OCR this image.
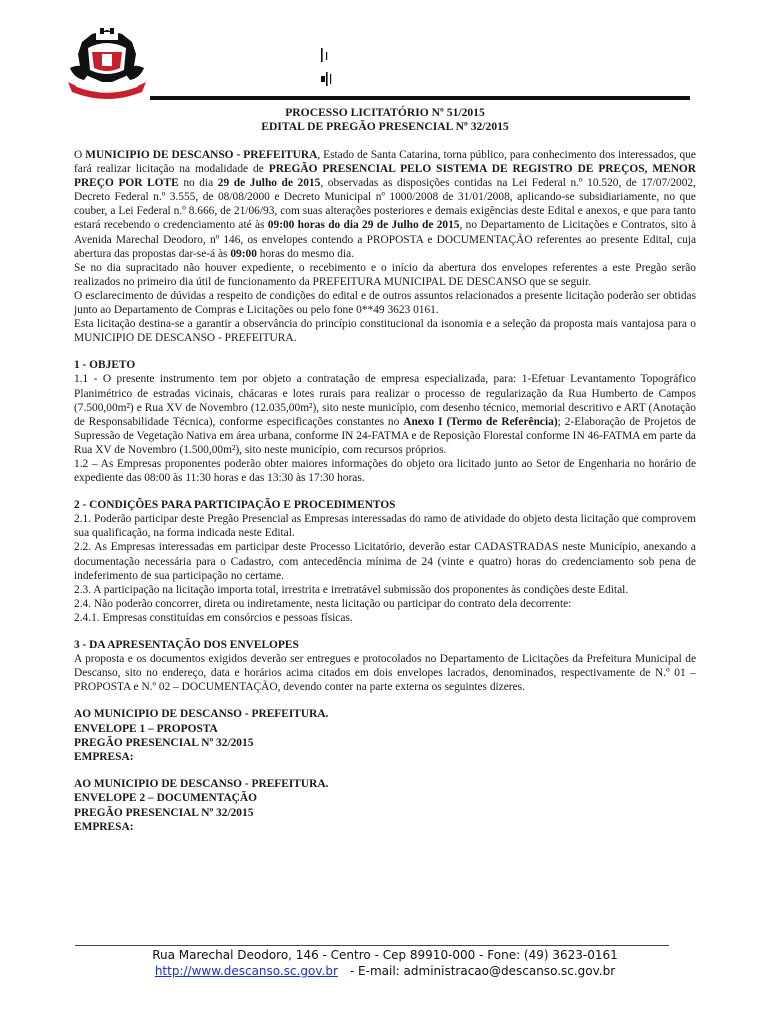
PROCESSO LICITATÓRIO Nº 51/2015

EDITAL DE PREGÃO PRESENCIAL Nº 32/2015

O MUNICIPIO DE DESCANSO - PREFEITURA, Estado de Santa Catarina, torna público, para conhecimento dos interessados, que fará realizar licitação na modalidade de PREGÃO PRESENCIAL PELO SISTEMA DE REGISTRO DE PREÇOS, MENOR PREÇO POR LOTE no dia 29 de Julho de 2015, observadas as disposições contidas na Lei Federal n.º 10.520, de 17/07/2002, Decreto Federal n.º 3.555, de 08/08/2000 e Decreto Municipal nº 1000/2008 de 31/01/2008, aplicando-se subsidiariamente, no que couber, a Lei Federal n.º 8.666, de 21/06/93, com suas alterações posteriores e demais exigências deste Edital e anexos, e que para tanto estará recebendo o credenciamento até às 09:00 horas do dia 29 de Julho de 2015, no Departamento de Licitações e Contratos, sito à Avenida Marechal Deodoro, nº 146, os envelopes contendo a PROPOSTA e DOCUMENTAÇÃO referentes ao presente Edital, cuja abertura das propostas dar-se-á às 09:00 horas do mesmo dia.

Se no dia supracitado não houver expediente, o recebimento e o início da abertura dos envelopes referentes a este Pregão serão realizados no primeiro dia útil de funcionamento da PREFEITURA MUNICIPAL DE DESCANSO que se seguir.

O esclarecimento de dúvidas a respeito de condições do edital e de outros assuntos relacionados a presente licitação poderão ser obtidas junto ao Departamento de Compras e Licitações ou pelo fone 0**49 3623 0161.

Esta licitação destina-se a garantir a observância do princípio constitucional da isonomia e a seleção da proposta mais vantajosa para o MUNICIPIO DE DESCANSO - PREFEITURA.

1 - OBJETO

1.1 - O presente instrumento tem por objeto a contratação de empresa especializada, para: 1-Efetuar Levantamento Topográfico Planimétrico de estradas vicinais, chácaras e lotes rurais para realizar o processo de regularização da Rua Humberto de Campos (7.500,00m²) e Rua XV de Novembro (12.035,00m²), sito neste município, com desenho técnico, memorial descritivo e ART (Anotação de Responsabilidade Técnica), conforme especificações constantes no Anexo I (Termo de Referência); 2-Elaboração de Projetos de Supressão de Vegetação Nativa em área urbana, conforme IN 24-FATMA e de Reposição Florestal conforme IN 46-FATMA em parte da Rua XV de Novembro (1.500,00m²), sito neste município, com recursos próprios.

1.2 – As Empresas proponentes poderão obter maiores informações do objeto ora licitado junto ao Setor de Engenharia no horário de expediente das 08:00 às 11:30 horas e das 13:30 às 17:30 horas.

2 - CONDIÇÕES PARA PARTICIPAÇÃO E PROCEDIMENTOS

2.1. Poderão participar deste Pregão Presencial as Empresas interessadas do ramo de atividade do objeto desta licitação que comprovem sua qualificação, na forma indicada neste Edital.

2.2. As Empresas interessadas em participar deste Processo Licitatório, deverão estar CADASTRADAS neste Município, anexando a documentação necessária para o Cadastro, com antecedência mínima de 24 (vinte e quatro) horas do credenciamento sob pena de indeferimento de sua participação no certame.

2.3. A participação na licitação importa total, irrestrita e irretratável submissão dos proponentes às condições deste Edital.

2.4. Não poderão concorrer, direta ou indiretamente, nesta licitação ou participar do contrato dela decorrente:

2.4.1. Empresas constituídas em consórcios e pessoas físicas.

3 - DA APRESENTAÇÃO DOS ENVELOPES

A proposta e os documentos exigidos deverão ser entregues e protocolados no Departamento de Licitações da Prefeitura Municipal de Descanso, sito no endereço, data e horários acima citados em dois envelopes lacrados, denominados, respectivamente de N.º 01 – PROPOSTA e N.º 02 – DOCUMENTAÇÃO, devendo conter na parte externa os seguintes dizeres.

AO MUNICIPIO DE DESCANSO - PREFEITURA.

ENVELOPE 1 – PROPOSTA

PREGÃO PRESENCIAL Nº 32/2015

EMPRESA:

AO MUNICIPIO DE DESCANSO - PREFEITURA.

ENVELOPE 2 – DOCUMENTAÇÃO

PREGÃO PRESENCIAL Nº 32/2015

EMPRESA:

Rua Marechal Deodoro, 146 - Centro - Cep 89910-000 - Fone: (49) 3623-0161

http://www.descanso.sc.gov.br - E-mail: administracao@descanso.sc.gov.br
